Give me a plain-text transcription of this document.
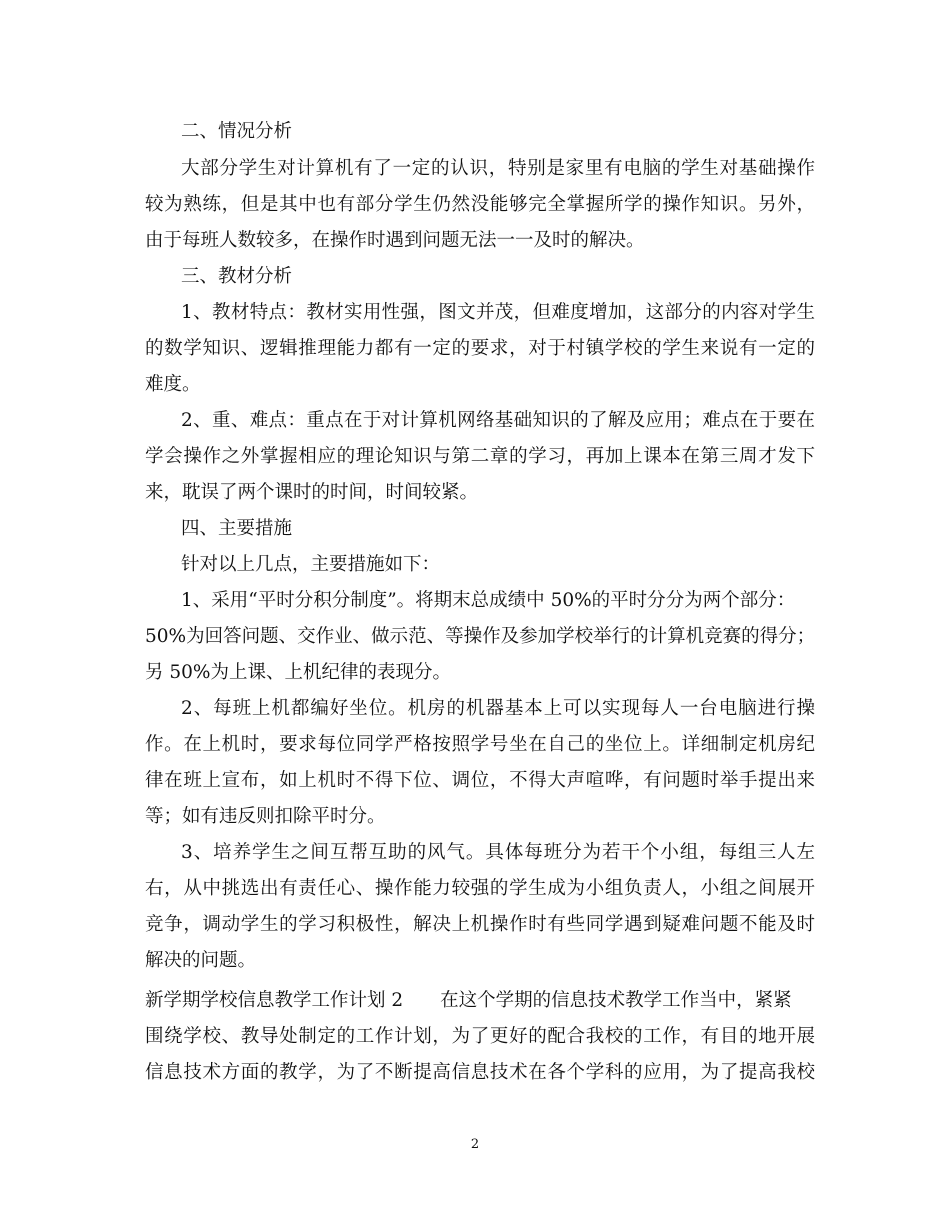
二、情况分析
大部分学生对计算机有了一定的认识，特别是家里有电脑的学生对基础操作
较为熟练，但是其中也有部分学生仍然没能够完全掌握所学的操作知识。另外，
由于每班人数较多，在操作时遇到问题无法一一及时的解决。
三、教材分析
1、教材特点：教材实用性强，图文并茂，但难度增加，这部分的内容对学生
的数学知识、逻辑推理能力都有一定的要求，对于村镇学校的学生来说有一定的
难度。
2、重、难点：重点在于对计算机网络基础知识的了解及应用；难点在于要在
学会操作之外掌握相应的理论知识与第二章的学习，再加上课本在第三周才发下
来，耽误了两个课时的时间，时间较紧。
四、主要措施
针对以上几点，主要措施如下：
1、采用“平时分积分制度”。将期末总成绩中 50%的平时分分为两个部分：
50%为回答问题、交作业、做示范、等操作及参加学校举行的计算机竞赛的得分；
另 50%为上课、上机纪律的表现分。
2、每班上机都编好坐位。机房的机器基本上可以实现每人一台电脑进行操
作。在上机时，要求每位同学严格按照学号坐在自己的坐位上。详细制定机房纪
律在班上宣布，如上机时不得下位、调位，不得大声喧哗，有问题时举手提出来
等；如有违反则扣除平时分。
3、培养学生之间互帮互助的风气。具体每班分为若干个小组，每组三人左
右，从中挑选出有责任心、操作能力较强的学生成为小组负责人，小组之间展开
竞争，调动学生的学习积极性，解决上机操作时有些同学遇到疑难问题不能及时
解决的问题。
新学期学校信息教学工作计划 2　　在这个学期的信息技术教学工作当中，紧紧
围绕学校、教导处制定的工作计划，为了更好的配合我校的工作，有目的地开展
信息技术方面的教学，为了不断提高信息技术在各个学科的应用，为了提高我校
2
